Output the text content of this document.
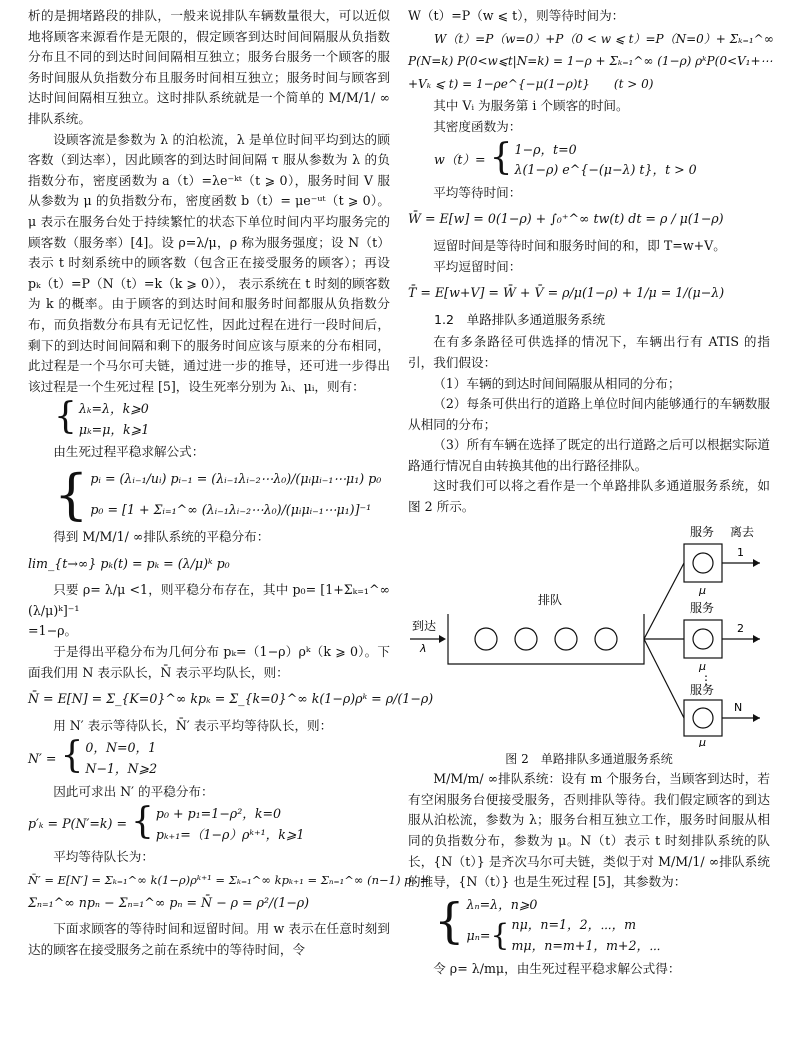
析的是拥堵路段的排队，一般来说排队车辆数量很大，可以近似地将顾客来源看作是无限的，假定顾客到达时间间隔服从负指数分布且不同的到达时间间隔相互独立；服务台服务一个顾客的服务时间服从负指数分布且服务时间相互独立；服务时间与顾客到达时间间隔相互独立。这时排队系统就是一个简单的 M/M/1/ ∞排队系统。

设顾客流是参数为 λ 的泊松流，λ 是单位时间平均到达的顾客数（到达率），因此顾客的到达时间间隔 τ 服从参数为 λ 的负指数分布，密度函数为 a（t）=λe⁻ᵏᵗ（t ⩾ 0），服务时间 V 服从参数为 μ 的负指数分布，密度函数 b（t）= μe⁻ᵘᵗ（t ⩾ 0）。μ 表示在服务台处于持续繁忙的状态下单位时间内平均服务完的顾客数（服务率）[4]。设 ρ=λ/μ，ρ 称为服务强度；设 N（t）表示 t 时刻系统中的顾客数（包含正在接受服务的顾客）；再设 pₖ（t）=P（N（t）=k（k ⩾ 0））， 表示系统在 t 时刻的顾客数为 k 的概率。由于顾客的到达时间和服务时间都服从负指数分布，而负指数分布具有无记忆性，因此过程在进行一段时间后，剩下的到达时间间隔和剩下的服务时间应该与原来的分布相同，此过程是一个马尔可夫链，通过进一步的推导，还可进一步得出该过程是一个生死过程 [5]，设生死率分别为 λᵢ、μᵢ，则有：

{ λₖ=λ，k⩾0
μₖ=μ，k⩾1

由生死过程平稳求解公式：

{ pᵢ = (λᵢ₋₁/uᵢ) pᵢ₋₁ = (λᵢ₋₁λᵢ₋₂⋯λ₀)/(μᵢμᵢ₋₁⋯μ₁) p₀
p₀ = [1 + Σᵢ₌₁^∞ (λᵢ₋₁λᵢ₋₂⋯λ₀)/(μᵢμᵢ₋₁⋯μ₁)]⁻¹

得到 M/M/1/ ∞排队系统的平稳分布：

lim_{t→∞} pₖ(t) = pₖ = (λ/μ)ᵏ p₀

只要 ρ= λ/μ <1，则平稳分布存在，其中 p₀= [1+Σₖ₌₁^∞ (λ/μ)ᵏ]⁻¹

=1−ρ。

于是得出平稳分布为几何分布 pₖ=（1−ρ）ρᵏ（k ⩾ 0）。下面我们用 N 表示队长，N̄ 表示平均队长，则：

N̄ = E[N] = Σ_{K=0}^∞ kpₖ = Σ_{k=0}^∞ k(1−ρ)ρᵏ = ρ/(1−ρ)

用 N′ 表示等待队长，N̄′ 表示平均等待队长，则：

N′ = { 0，N=0，1
N−1，N⩾2

因此可求出 N′ 的平稳分布：

p′ₖ = P(N′=k) = { p₀ + p₁=1−ρ²，k=0
pₖ₊₁=（1−ρ）ρᵏ⁺¹，k⩾1

平均等待队长为：

N̄′ = E[N′] = Σₖ₌₁^∞ k(1−ρ)ρᵏ⁺¹ = Σₖ₌₁^∞ kpₖ₊₁ = Σₙ₌₁^∞ (n−1) pₙ =

Σₙ₌₁^∞ npₙ − Σₙ₌₁^∞ pₙ = N̄ − ρ = ρ²/(1−ρ)

下面求顾客的等待时间和逗留时间。用 w 表示在任意时刻到达的顾客在接受服务之前在系统中的等待时间，令

W（t）=P（w ⩽ t），则等待时间为：

W（t）=P（w=0）+P（0 < w ⩽ t）=P（N=0）+ Σₖ₌₁^∞

P(N=k) P(0<w⩽t|N=k) = 1−ρ + Σₖ₌₁^∞ (1−ρ) ρᵏP(0<V₁+⋯

+Vₖ ⩽ t) = 1−ρe^{−μ(1−ρ)t}　　(t > 0)

其中 Vᵢ 为服务第 i 个顾客的时间。

其密度函数为：

w（t）= { 1−ρ，t=0
λ(1−ρ) e^{−(μ−λ) t}，t > 0

平均等待时间：

W̄ = E[w] = 0(1−ρ) + ∫₀⁺^∞ tw(t) dt = ρ / μ(1−ρ)

逗留时间是等待时间和服务时间的和，即 T=w+V。

平均逗留时间：

T̄ = E[w+V] = W̄ + V̄ = ρ/μ(1−ρ) + 1/μ = 1/(μ−λ)

1.2　单路排队多通道服务系统

在有多条路径可供选择的情况下，车辆出行有 ATIS 的指引，我们假设：

（1）车辆的到达时间间隔服从相同的分布；

（2）每条可供出行的道路上单位时间内能够通行的车辆数服从相同的分布；

（3）所有车辆在选择了既定的出行道路之后可以根据实际道路通行情况自由转换其他的出行路径排队。

这时我们可以将之看作是一个单路排队多通道服务系统，如图 2 所示。

服务 离去
μ
1
服务
μ
2
⋮
服务
μ
N
排队
到达
λ

图 2　单路排队多通道服务系统

M/M/m/ ∞排队系统：设有 m 个服务台，当顾客到达时，若有空闲服务台便接受服务，否则排队等待。我们假定顾客的到达服从泊松流，参数为 λ；服务台相互独立工作，服务时间服从相同的负指数分布，参数为 μ。N（t）表示 t 时刻排队系统的队长，{N（t）} 是齐次马尔可夫链，类似于对 M/M/1/ ∞排队系统的推导，{N（t）} 也是生死过程 [5]，其参数为：

{ λₙ=λ，n⩾0
μₙ= { nμ，n=1，2，⋯，m
mμ，n=m+1，m+2，⋯

令 ρ= λ/mμ，由生死过程平稳求解公式得：
